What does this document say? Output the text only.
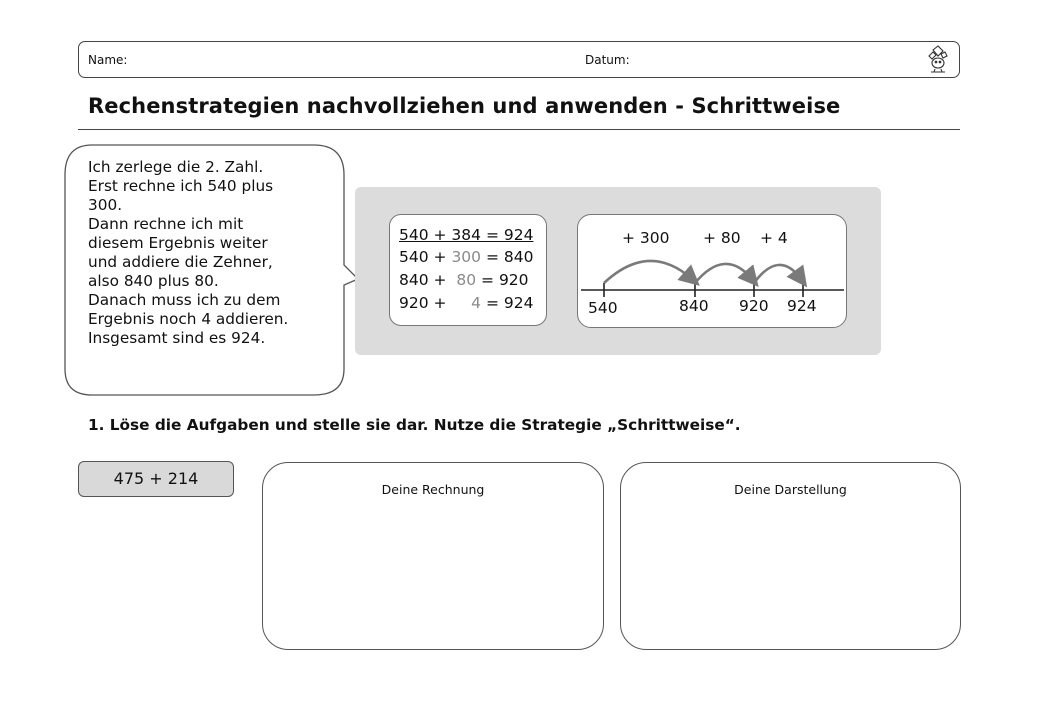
Name:	Datum:
Rechenstrategien nachvollziehen und anwenden - Schrittweise
Ich zerlege die 2. Zahl.
Erst rechne ich 540 plus
300.
Dann rechne ich mit
diesem Ergebnis weiter
und addiere die Zehner,
also 840 plus 80.
Danach muss ich zu dem
Ergebnis noch 4 addieren.
Insgesamt sind es 924.
540 + 384 = 924
540 + 300 = 840
840 + 80 = 920
920 + 4 = 924
+ 300 + 80 + 4
540	840 920 924
1. Löse die Aufgaben und stelle sie dar. Nutze die Strategie „Schrittweise“.
475 + 214
Deine Rechnung	Deine Darstellung
